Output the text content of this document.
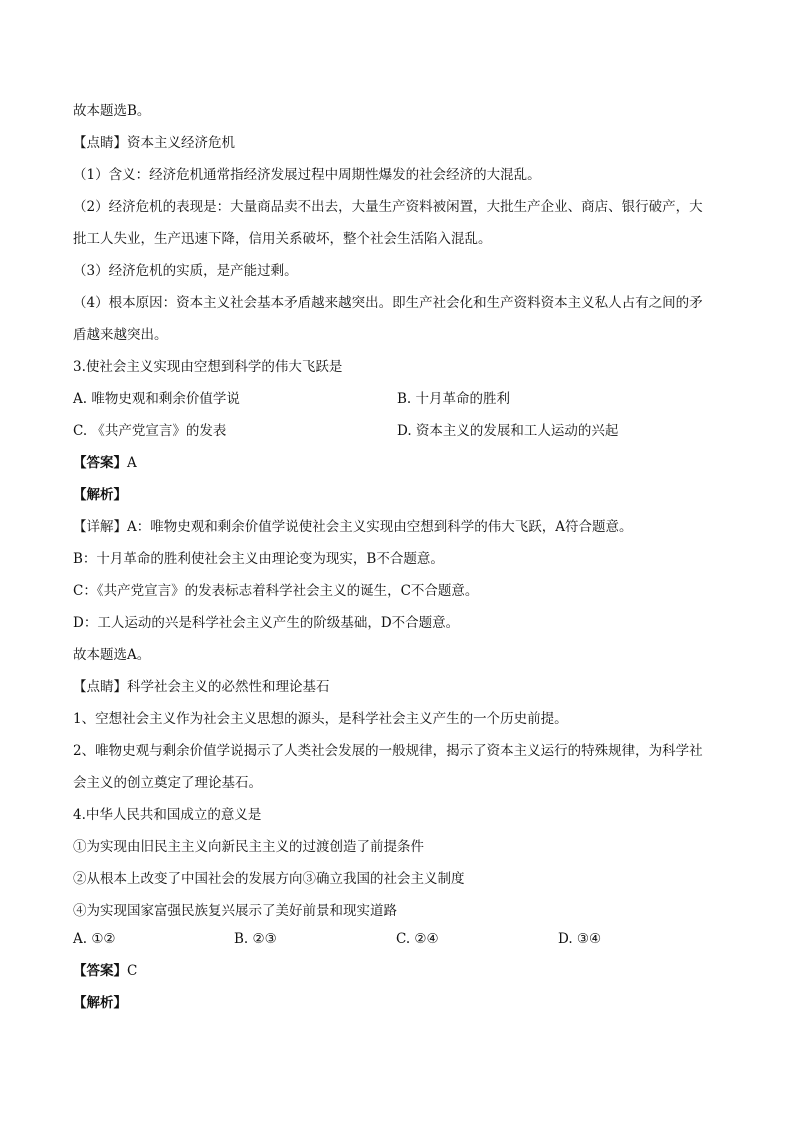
故本题选B。
【点睛】资本主义经济危机
（1）含义：经济危机通常指经济发展过程中周期性爆发的社会经济的大混乱。
（2）经济危机的表现是：大量商品卖不出去，大量生产资料被闲置，大批生产企业、商店、银行破产，大
批工人失业，生产迅速下降，信用关系破坏，整个社会生活陷入混乱。
（3）经济危机的实质，是产能过剩。
（4）根本原因：资本主义社会基本矛盾越来越突出。即生产社会化和生产资料资本主义私人占有之间的矛
盾越来越突出。
3.使社会主义实现由空想到科学的伟大飞跃是
A. 唯物史观和剩余价值学说	B. 十月革命的胜利
C. 《共产党宣言》的发表	D. 资本主义的发展和工人运动的兴起
【答案】A
【解析】
【详解】A：唯物史观和剩余价值学说使社会主义实现由空想到科学的伟大飞跃，A符合题意。
B：十月革命的胜利使社会主义由理论变为现实，B不合题意。
C：《共产党宣言》的发表标志着科学社会主义的诞生，C不合题意。
D：工人运动的兴是科学社会主义产生的阶级基础，D不合题意。
故本题选A。
【点睛】科学社会主义的必然性和理论基石
1、空想社会主义作为社会主义思想的源头，是科学社会主义产生的一个历史前提。
2、唯物史观与剩余价值学说揭示了人类社会发展的一般规律，揭示了资本主义运行的特殊规律，为科学社
会主义的创立奠定了理论基石。
4.中华人民共和国成立的意义是
①为实现由旧民主主义向新民主主义的过渡创造了前提条件
②从根本上改变了中国社会的发展方向③确立我国的社会主义制度
④为实现国家富强民族复兴展示了美好前景和现实道路
A. ①②	B. ②③	C. ②④	D. ③④
【答案】C
【解析】
